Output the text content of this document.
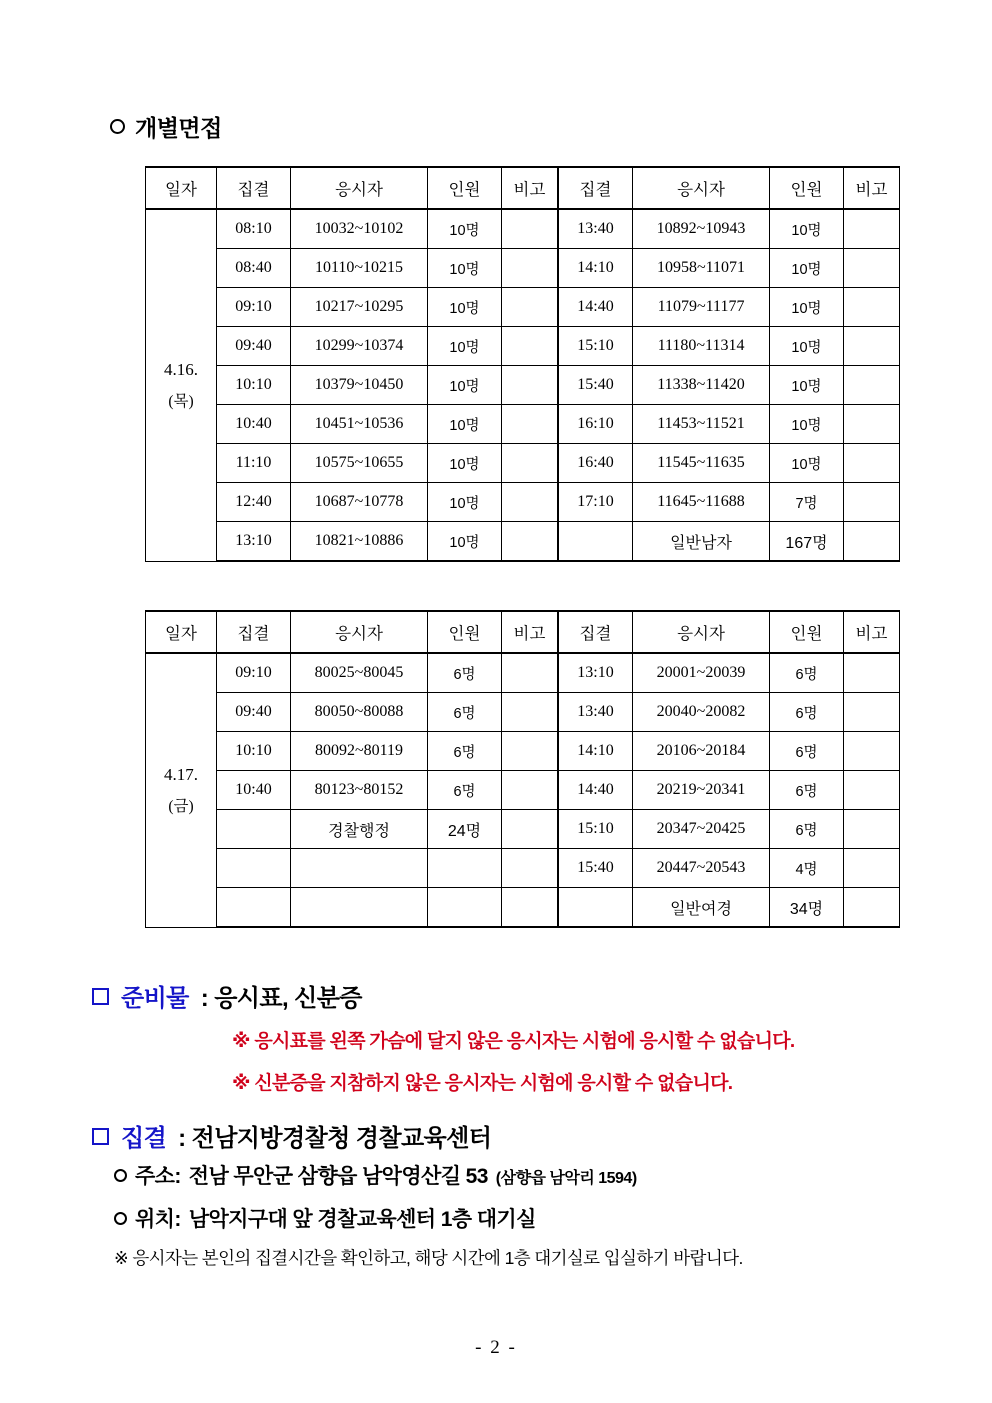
개별면접
일자	집결	응시자	인원	비고	집결	응시자	인원	비고

4.16.
(목)	08:10	10032~10102	10명		13:40	10892~10943	10명	
	08:40	10110~10215	10명		14:10	10958~11071	10명	
	09:10	10217~10295	10명		14:40	11079~11177	10명	
	09:40	10299~10374	10명		15:10	11180~11314	10명	
	10:10	10379~10450	10명		15:40	11338~11420	10명	
	10:40	10451~10536	10명		16:10	11453~11521	10명	
	11:10	10575~10655	10명		16:40	11545~11635	10명	
	12:40	10687~10778	10명		17:10	11645~11688	7명	
	13:10	10821~10886	10명			일반남자	167명	
일자	집결	응시자	인원	비고	집결	응시자	인원	비고

4.17.
(금)	09:10	80025~80045	6명		13:10	20001~20039	6명	
	09:40	80050~80088	6명		13:40	20040~20082	6명	
	10:10	80092~80119	6명		14:10	20106~20184	6명	
	10:40	80123~80152	6명		14:40	20219~20341	6명	
		경찰행정	24명		15:10	20347~20425	6명	
					15:40	20447~20543	4명	
						일반여경	34명	
준비물 : 응시표, 신분증
※ 응시표를 왼쪽 가슴에 달지 않은 응시자는 시험에 응시할 수 없습니다.
※ 신분증을 지참하지 않은 응시자는 시험에 응시할 수 없습니다.
집결 : 전남지방경찰청 경찰교육센터
주소: 전남 무안군 삼향읍 남악영산길 53 (삼향읍 남악리 1594)
위치: 남악지구대 앞 경찰교육센터 1층 대기실
※ 응시자는 본인의 집결시간을 확인하고, 해당 시간에 1층 대기실로 입실하기 바랍니다.
- 2 -
